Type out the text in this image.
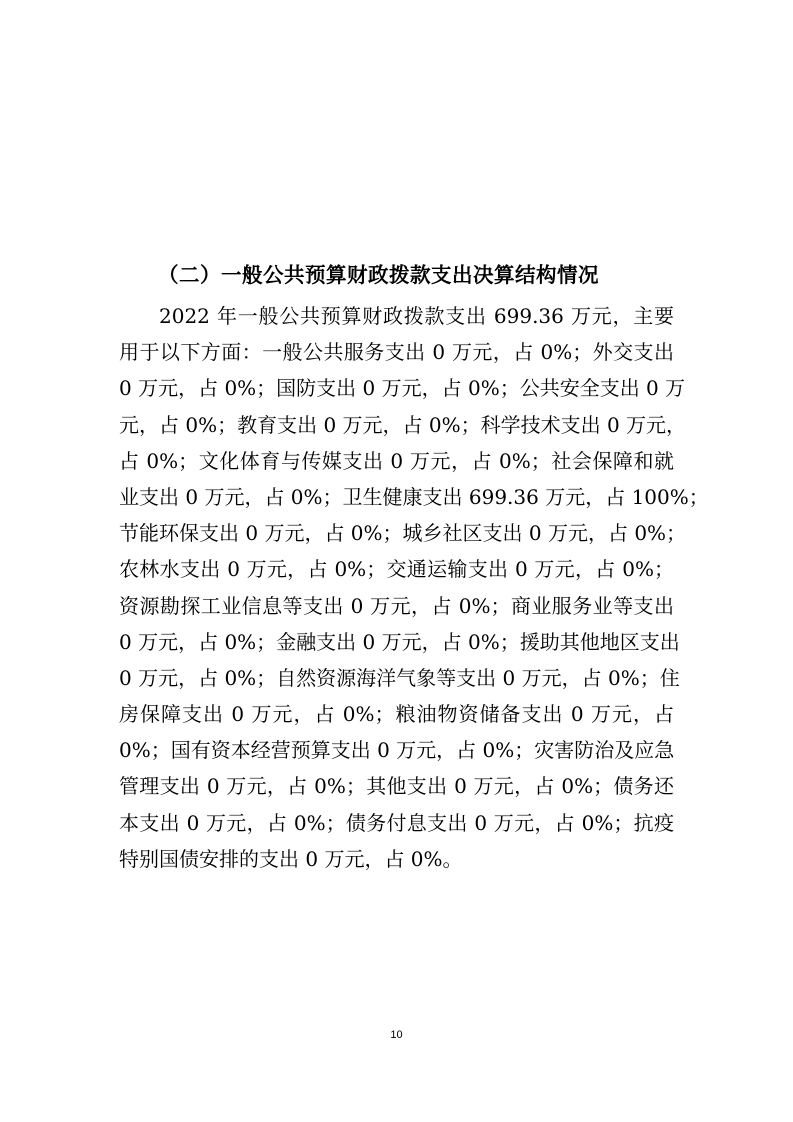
（二）一般公共预算财政拨款支出决算结构情况
2022 年一般公共预算财政拨款支出 699.36 万元，主要
用于以下方面：一般公共服务支出 0 万元，占 0%；外交支出
0 万元，占 0%；国防支出 0 万元，占 0%；公共安全支出 0 万
元，占 0%；教育支出 0 万元，占 0%；科学技术支出 0 万元，
占 0%；文化体育与传媒支出 0 万元，占 0%；社会保障和就
业支出 0 万元，占 0%；卫生健康支出 699.36 万元，占 100%；
节能环保支出 0 万元，占 0%；城乡社区支出 0 万元，占 0%；
农林水支出 0 万元，占 0%；交通运输支出 0 万元，占 0%；
资源勘探工业信息等支出 0 万元，占 0%；商业服务业等支出
0 万元，占 0%；金融支出 0 万元，占 0%；援助其他地区支出
0 万元，占 0%；自然资源海洋气象等支出 0 万元，占 0%；住
房保障支出 0 万元，占 0%；粮油物资储备支出 0 万元，占
0%；国有资本经营预算支出 0 万元，占 0%；灾害防治及应急
管理支出 0 万元，占 0%；其他支出 0 万元，占 0%；债务还
本支出 0 万元，占 0%；债务付息支出 0 万元，占 0%；抗疫
特别国债安排的支出 0 万元，占 0%。
10
